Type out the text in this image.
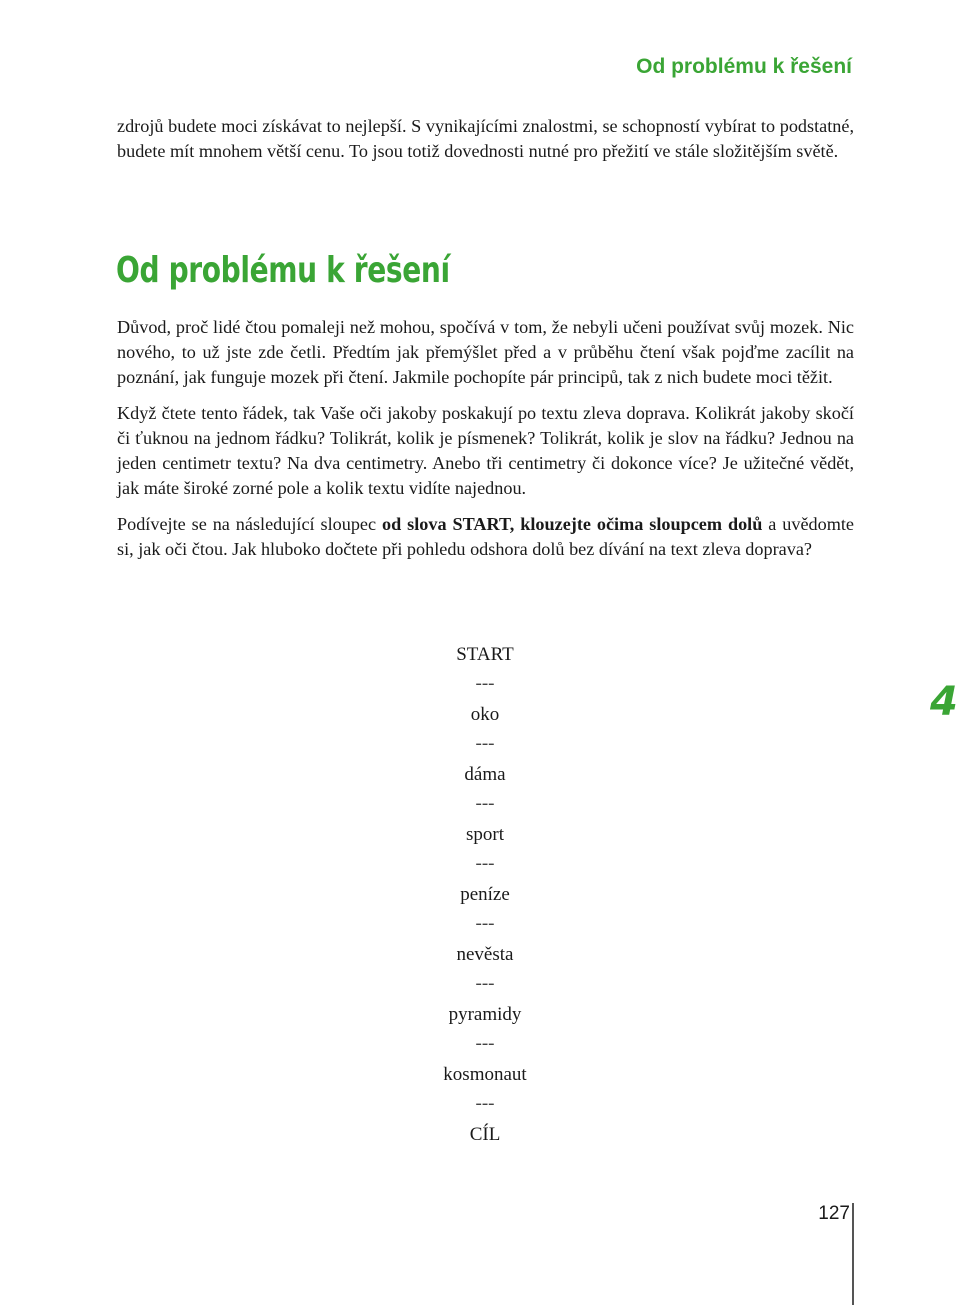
Od problému k řešení

zdrojů budete moci získávat to nejlepší. S vynikajícími znalostmi, se schopností vybírat to podstatné, budete mít mnohem větší cenu. To jsou totiž dovednosti nutné pro přežití ve stále složitějším světě.

Od problému k řešení

Důvod, proč lidé čtou pomaleji než mohou, spočívá v tom, že nebyli učeni používat svůj mozek. Nic nového, to už jste zde četli. Předtím jak přemýšlet před a v průběhu čtení však pojďme zacílit na poznání, jak funguje mozek při čtení. Jakmile pochopíte pár principů, tak z nich budete moci těžit.

Když čtete tento řádek, tak Vaše oči jakoby poskakují po textu zleva doprava. Kolikrát jakoby skočí či ťuknou na jednom řádku? Tolikrát, kolik je písmenek? Tolikrát, kolik je slov na řádku? Jednou na jeden centimetr textu? Na dva centimetry. Anebo tři centimetry či dokonce více? Je užitečné vědět, jak máte široké zorné pole a kolik textu vidíte najednou.

Podívejte se na následující sloupec od slova START, klouzejte očima sloupcem dolů a uvědomte si, jak oči čtou. Jak hluboko dočtete při pohledu odshora dolů bez dívání na text zleva doprava?

START
---
oko
---
dáma
---
sport
---
peníze
---
nevěsta
---
pyramidy
---
kosmonaut
---
CÍL
4
127
